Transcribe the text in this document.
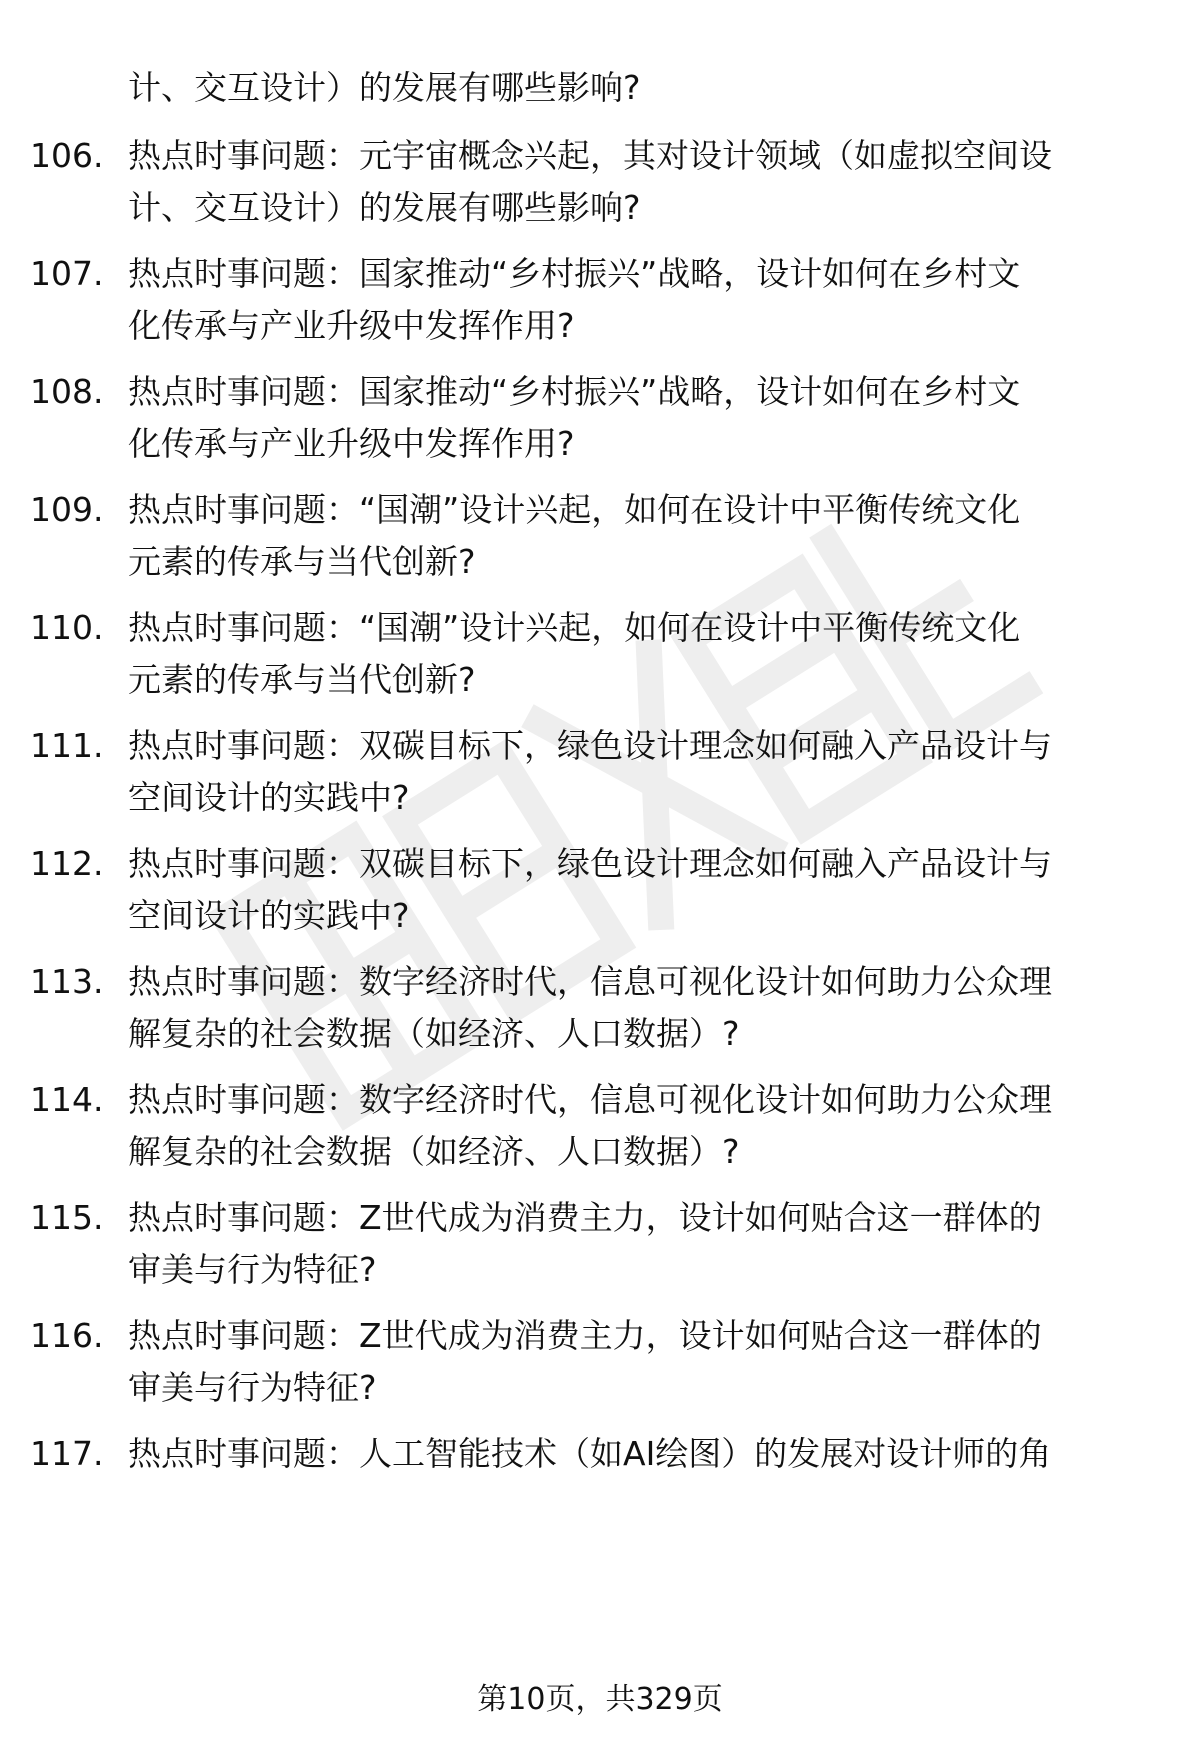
计、交互设计）的发展有哪些影响?
106. 热点时事问题：元宇宙概念兴起，其对设计领域（如虚拟空间设
计、交互设计）的发展有哪些影响?
107. 热点时事问题：国家推动“乡村振兴”战略，设计如何在乡村文
化传承与产业升级中发挥作用?
108. 热点时事问题：国家推动“乡村振兴”战略，设计如何在乡村文
化传承与产业升级中发挥作用?
109. 热点时事问题：“国潮”设计兴起，如何在设计中平衡传统文化
元素的传承与当代创新?
110. 热点时事问题：“国潮”设计兴起，如何在设计中平衡传统文化
元素的传承与当代创新?
111. 热点时事问题：双碳目标下，绿色设计理念如何融入产品设计与
空间设计的实践中?
112. 热点时事问题：双碳目标下，绿色设计理念如何融入产品设计与
空间设计的实践中?
113. 热点时事问题：数字经济时代，信息可视化设计如何助力公众理
解复杂的社会数据（如经济、人口数据）?
114. 热点时事问题：数字经济时代，信息可视化设计如何助力公众理
解复杂的社会数据（如经济、人口数据）?
115. 热点时事问题：Z世代成为消费主力，设计如何贴合这一群体的
审美与行为特征?
116. 热点时事问题：Z世代成为消费主力，设计如何贴合这一群体的
审美与行为特征?
117. 热点时事问题：人工智能技术（如AI绘图）的发展对设计师的角
第10页，共329页
